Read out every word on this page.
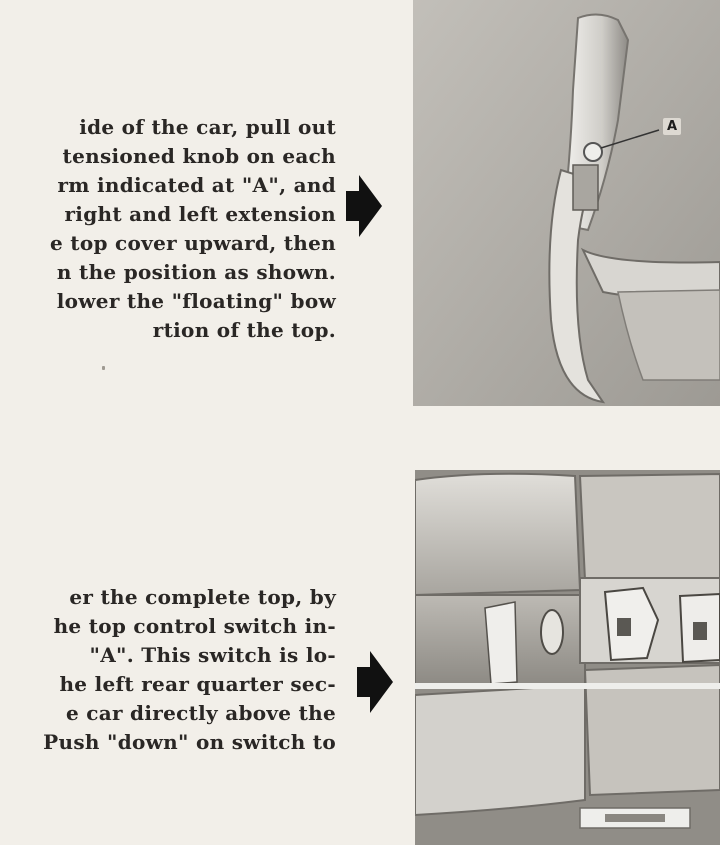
ide of the car, pull out
tensioned knob on each
rm indicated at "A", and
right and left extension
e top cover upward, then
n the position as shown.
lower the "floating" bow
rtion of the top.
er the complete top, by
he top control switch in-
"A". This switch is lo-
he left rear quarter sec-
e car directly above the
Push "down" on switch to
A
